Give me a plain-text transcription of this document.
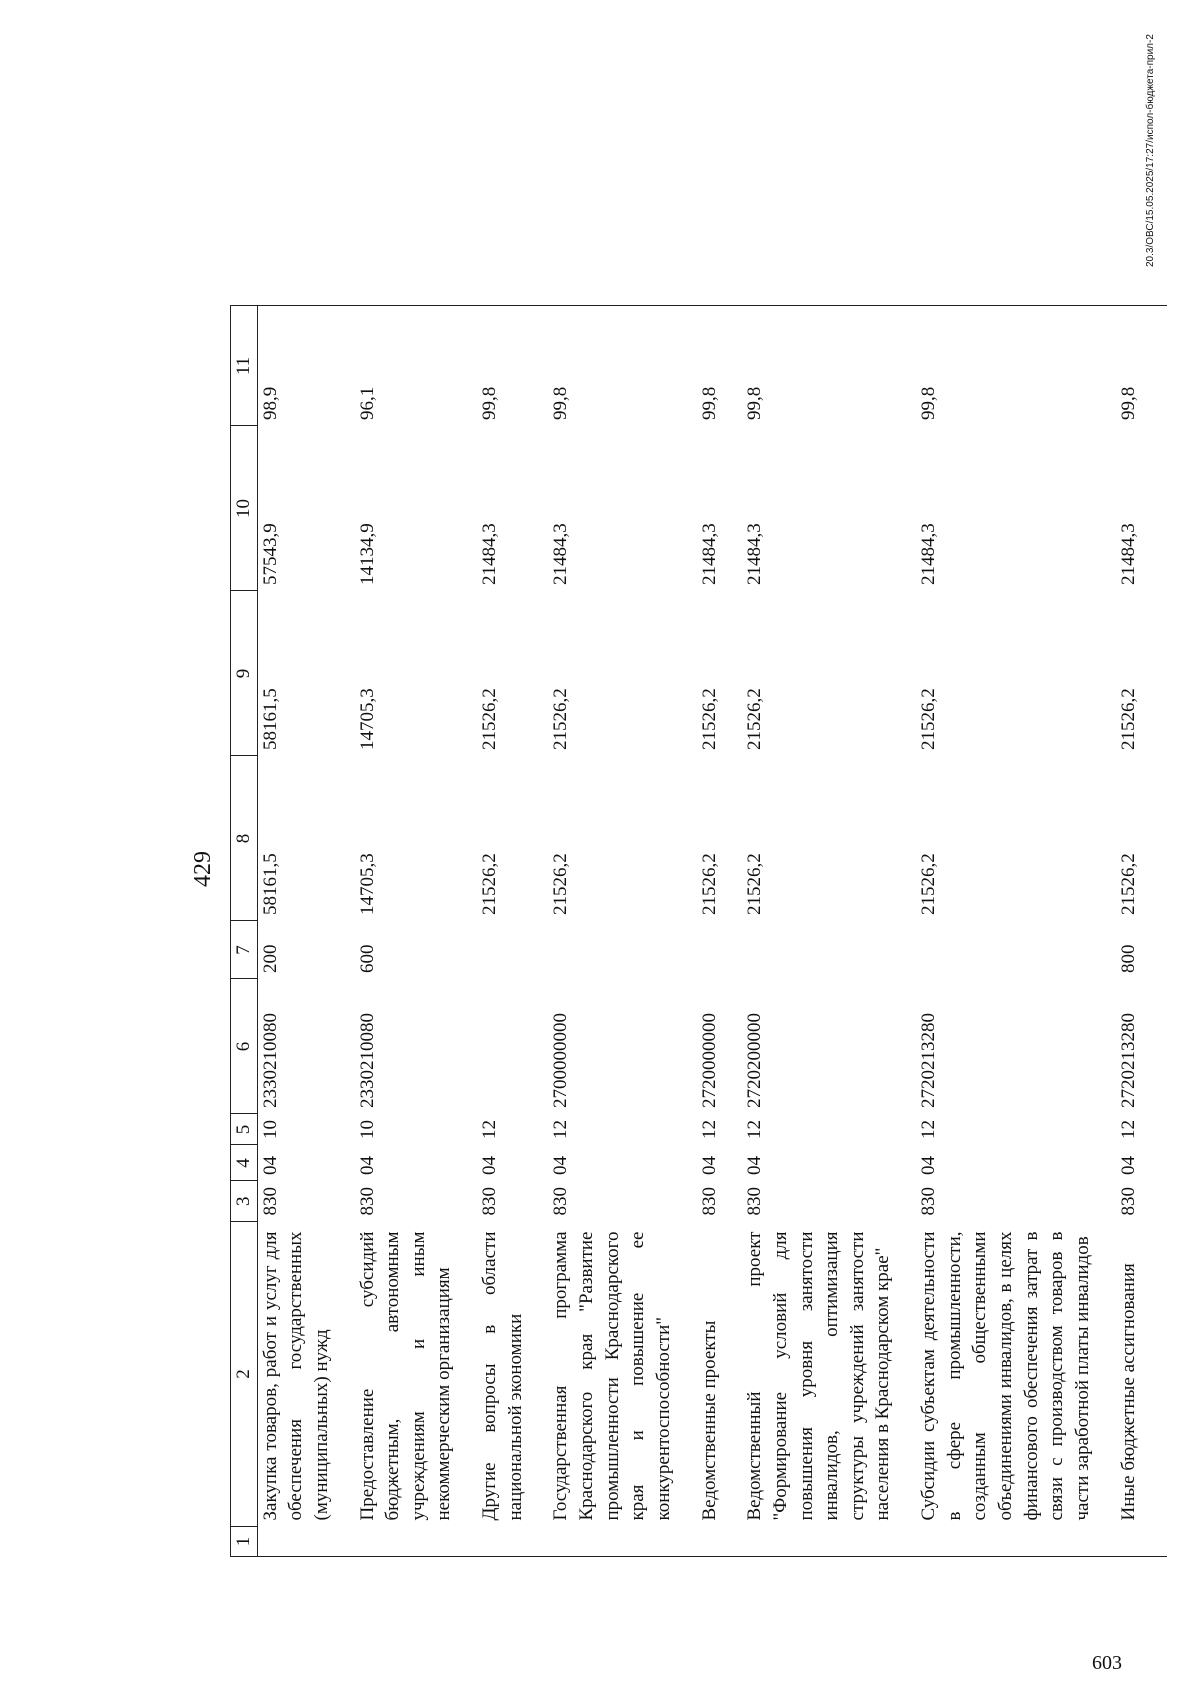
429
1	2	3	4	5	6	7	8	9	10	11
	Закупка товаров, работ и услуг для обеспечения государственных (муниципальных) нужд	830	04	10	2330210080	200	58161,5	58161,5	57543,9	98,9
	Предоставление субсидий бюджетным, автономным учреждениям и иным некоммерческим организациям	830	04	10	2330210080	600	14705,3	14705,3	14134,9	96,1
	Другие вопросы в области национальной экономики	830	04	12			21526,2	21526,2	21484,3	99,8
	Государственная программа Краснодарского края "Развитие промышленности Краснодарского края и повышение ее конкурентоспособности"	830	04	12	2700000000		21526,2	21526,2	21484,3	99,8
	Ведомственные проекты	830	04	12	2720000000		21526,2	21526,2	21484,3	99,8
	Ведомственный проект "Формирование условий для повышения уровня занятости инвалидов, оптимизация структуры учреждений занятости населения в Краснодарском крае"	830	04	12	2720200000		21526,2	21526,2	21484,3	99,8
	Субсидии субъектам деятельности в сфере промышленности, созданным общественными объединениями инвалидов, в целях финансового обеспечения затрат в связи с производством товаров в части заработной платы инвалидов	830	04	12	2720213280		21526,2	21526,2	21484,3	99,8
	Иные бюджетные ассигнования	830	04	12	2720213280	800	21526,2	21526,2	21484,3	99,8
20.3/ОВС/15.05.2025/17:27/испол-бюджета-прил-2
603
